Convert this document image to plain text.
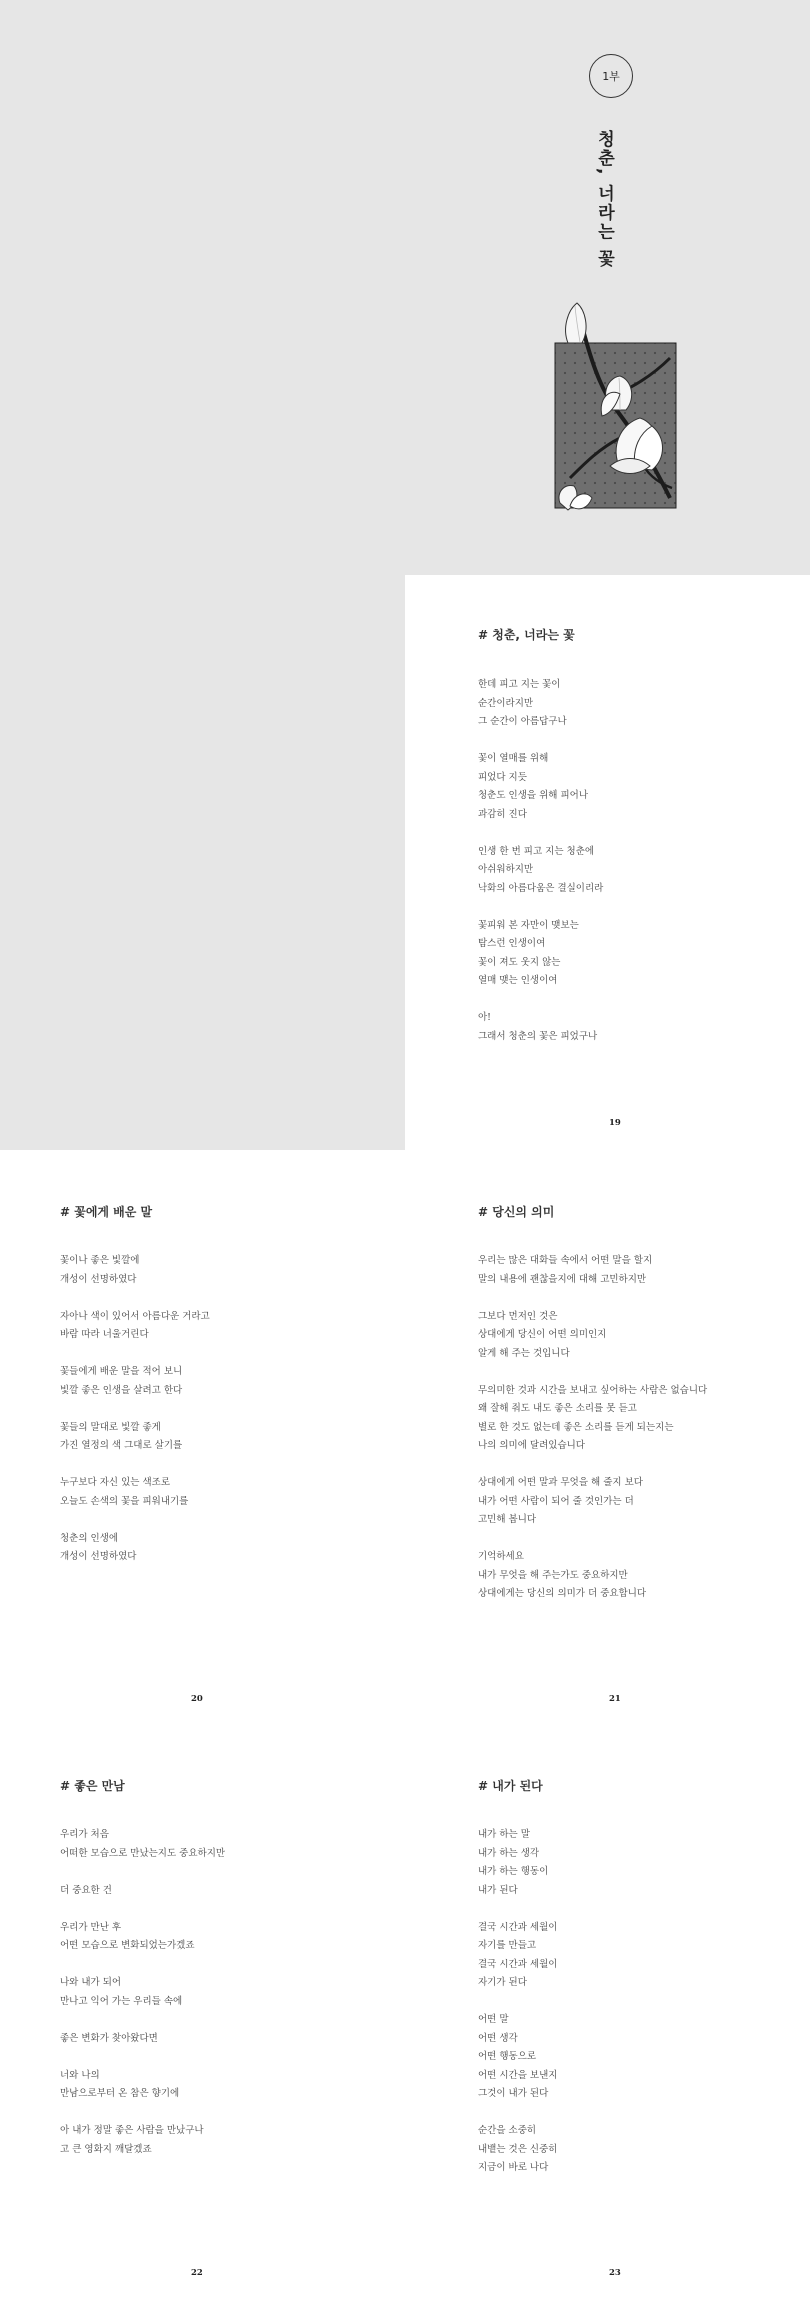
1부
청춘, 너라는 꽃
# 청춘, 너라는 꽃
한데 피고 지는 꽃이
순간이라지만
그 순간이 아름답구나
꽃이 열매를 위해
피었다 지듯
청춘도 인생을 위해 피어나
과감히 진다
인생 한 번 피고 지는 청춘에
아쉬워하지만
낙화의 아름다움은 결실이리라
꽃피워 본 자만이 맺보는
탐스런 인생이여
꽃이 져도 웃지 않는
열매 맺는 인생이여
아!
그래서 청춘의 꽃은 피었구나
19
# 꽃에게 배운 말
꽃이나 좋은 빛깔에
개성이 선명하였다
자아나 색이 있어서 아름다운 거라고
바람 따라 너울거린다
꽃들에게 배운 말을 적어 보니
빛깔 좋은 인생을 살려고 한다
꽃들의 말대로 빛깔 좋게
가진 열정의 색 그대로 살기를
누구보다 자신 있는 색조로
오늘도 손색의 꽃을 피워내기를
청춘의 인생에
개성이 선명하였다
20
# 당신의 의미
우리는 많은 대화들 속에서 어떤 말을 할지
말의 내용에 괜찮을지에 대해 고민하지만
그보다 먼저인 것은
상대에게 당신이 어떤 의미인지
알게 해 주는 것입니다
무의미한 것과 시간을 보내고 싶어하는 사람은 없습니다
왜 잘해 줘도 내도 좋은 소리를 못 듣고
별로 한 것도 없는데 좋은 소리를 듣게 되는지는
나의 의미에 달려있습니다
상대에게 어떤 말과 무엇을 해 줄지 보다
내가 어떤 사람이 되어 줄 것인가는 더
고민해 봅니다
기억하세요
내가 무엇을 해 주는가도 중요하지만
상대에게는 당신의 의미가 더 중요합니다
21
# 좋은 만남
우리가 처음
어떠한 모습으로 만났는지도 중요하지만
더 중요한 건
우리가 만난 후
어떤 모습으로 변화되었는가겠죠
나와 내가 되어
만나고 익어 가는 우리들 속에
좋은 변화가 찾아왔다면
너와 나의
만남으로부터 온 참은 향기에
아 내가 정말 좋은 사람을 만났구나
고 큰 영화지 깨달겠죠
22
# 내가 된다
내가 하는 말
내가 하는 생각
내가 하는 행동이
내가 된다
결국 시간과 세월이
자기를 만들고
결국 시간과 세월이
자기가 된다
어떤 말
어떤 생각
어떤 행동으로
어떤 시간을 보낸지
그것이 내가 된다
순간을 소중히
내뱉는 것은 신중히
지금이 바로 나다
23
